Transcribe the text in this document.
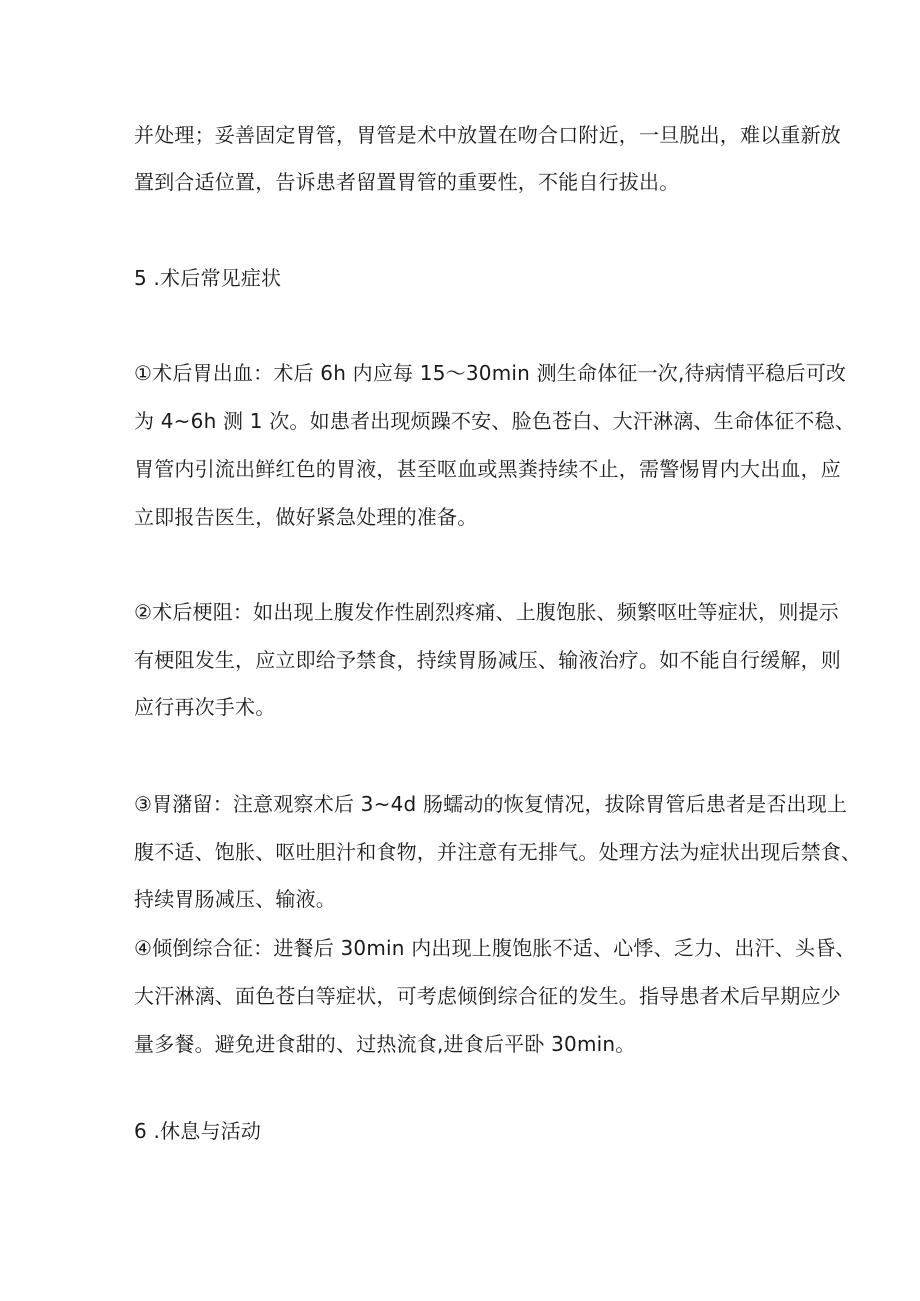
并处理；妥善固定胃管，胃管是术中放置在吻合口附近，一旦脱出，难以重新放
置到合适位置，告诉患者留置胃管的重要性，不能自行拔出。
5 .术后常见症状
①术后胃出血：术后 6h 内应每 15〜30min 测生命体征一次,待病情平稳后可改
为 4~6h 测 1 次。如患者出现烦躁不安、脸色苍白、大汗淋漓、生命体征不稳、
胃管内引流出鲜红色的胃液，甚至呕血或黑粪持续不止，需警惕胃内大出血，应
立即报告医生，做好紧急处理的准备。
②术后梗阻：如出现上腹发作性剧烈疼痛、上腹饱胀、频繁呕吐等症状，则提示
有梗阻发生，应立即给予禁食，持续胃肠减压、输液治疗。如不能自行缓解，则
应行再次手术。
③胃潴留：注意观察术后 3~4d 肠蠕动的恢复情况，拔除胃管后患者是否出现上
腹不适、饱胀、呕吐胆汁和食物，并注意有无排气。处理方法为症状出现后禁食、
持续胃肠减压、输液。
④倾倒综合征：进餐后 30min 内出现上腹饱胀不适、心悸、乏力、出汗、头昏、
大汗淋漓、面色苍白等症状，可考虑倾倒综合征的发生。指导患者术后早期应少
量多餐。避免进食甜的、过热流食,进食后平卧 30min。
6 .休息与活动
